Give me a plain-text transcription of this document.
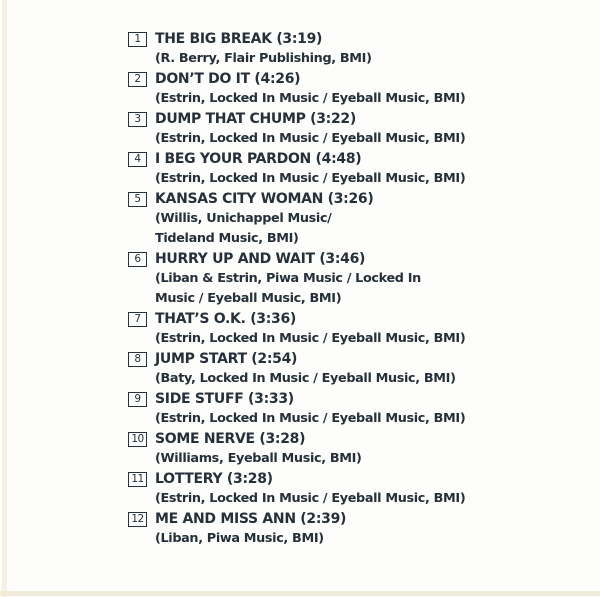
1	THE BIG BREAK (3:19)
(R. Berry, Flair Publishing, BMI)
2	DON’T DO IT (4:26)
(Estrin, Locked In Music / Eyeball Music, BMI)
3	DUMP THAT CHUMP (3:22)
(Estrin, Locked In Music / Eyeball Music, BMI)
4	I BEG YOUR PARDON (4:48)
(Estrin, Locked In Music / Eyeball Music, BMI)
5	KANSAS CITY WOMAN (3:26)
(Willis, Unichappel Music/
Tideland Music, BMI)
6	HURRY UP AND WAIT (3:46)
(Liban & Estrin, Piwa Music / Locked In
Music / Eyeball Music, BMI)
7	THAT’S O.K. (3:36)
(Estrin, Locked In Music / Eyeball Music, BMI)
8	JUMP START (2:54)
(Baty, Locked In Music / Eyeball Music, BMI)
9	SIDE STUFF (3:33)
(Estrin, Locked In Music / Eyeball Music, BMI)
10 SOME NERVE (3:28)
(Williams, Eyeball Music, BMI)
11 LOTTERY (3:28)
(Estrin, Locked In Music / Eyeball Music, BMI)
12 ME AND MISS ANN (2:39)
(Liban, Piwa Music, BMI)
